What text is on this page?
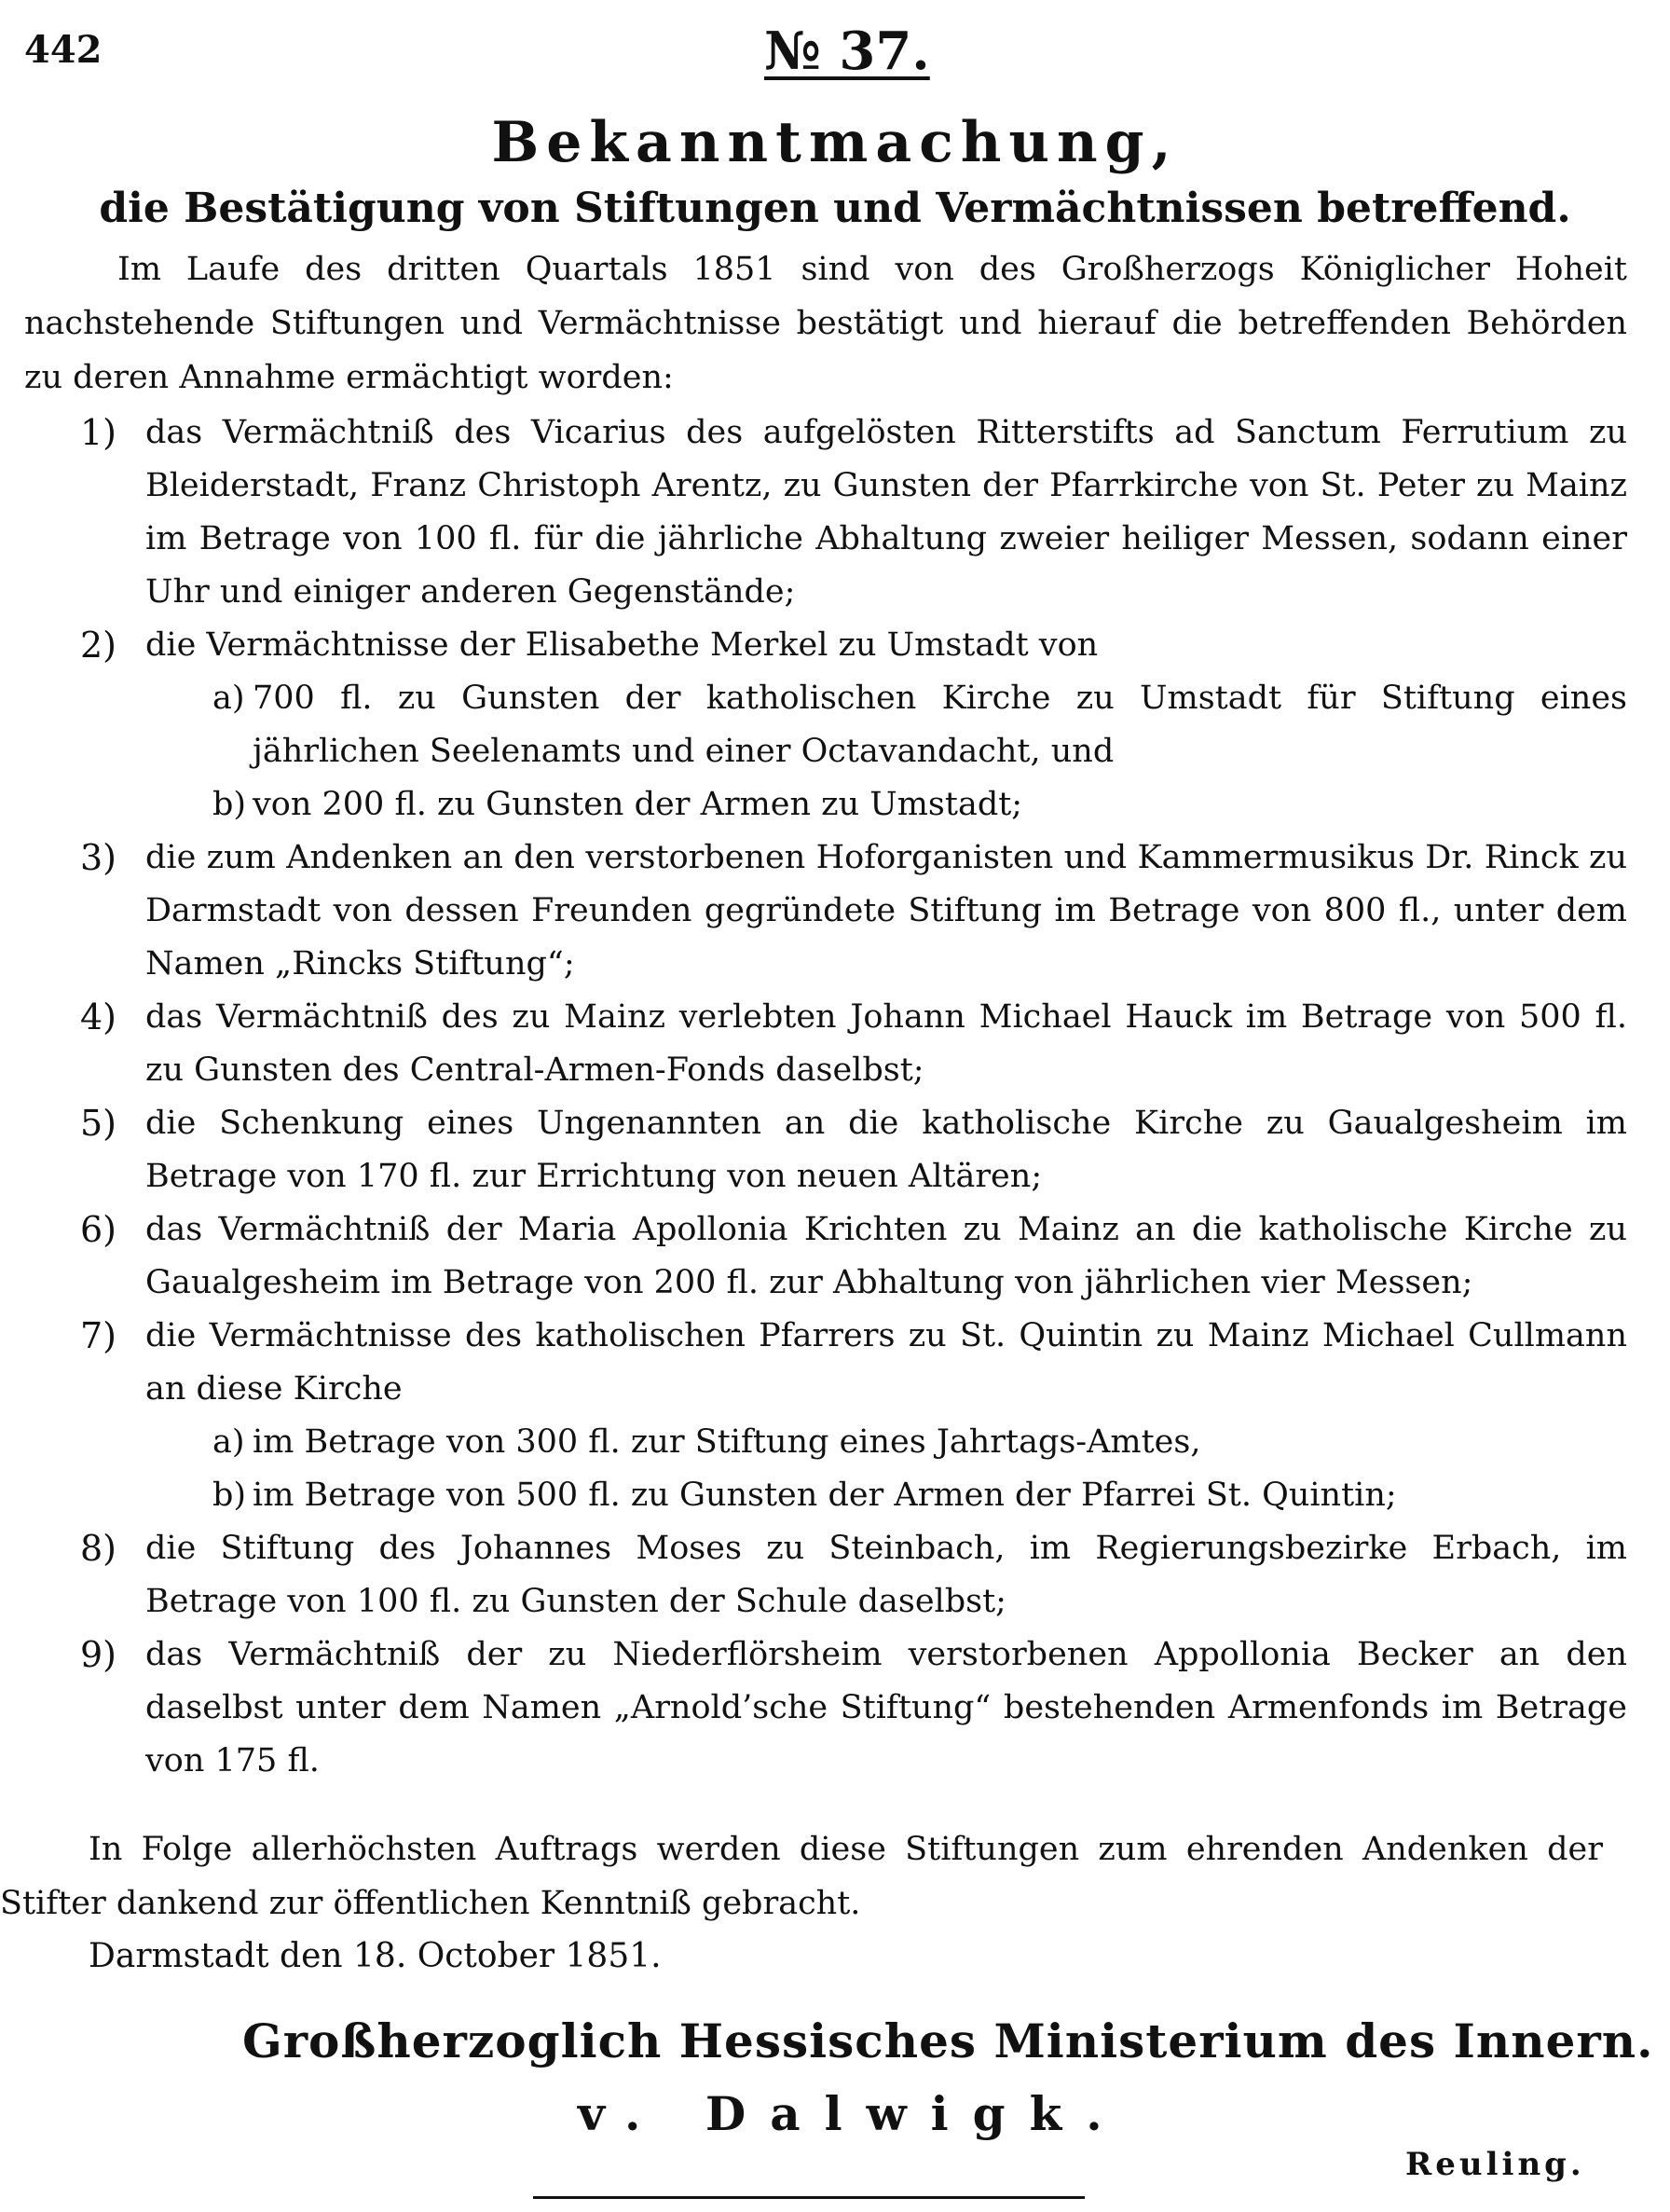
442	№ 37.
Bekanntmachung,
die Bestätigung von Stiftungen und Vermächtnissen betreffend.
Im Laufe des dritten Quartals 1851 sind von des Großherzogs Königlicher Hoheit nachstehende Stiftungen und Vermächtnisse bestätigt und hierauf die betreffenden Behörden zu deren Annahme ermächtigt worden:
1) das Vermächtniß des Vicarius des aufgelösten Ritterstifts ad Sanctum Ferrutium zu Bleiderstadt, Franz Christoph Arentz, zu Gunsten der Pfarrkirche von St. Peter zu Mainz im Betrage von 100 fl. für die jährliche Abhaltung zweier heiliger Messen, sodann einer Uhr und einiger anderen Gegenstände;
2) die Vermächtnisse der Elisabethe Merkel zu Umstadt von
a) 700 fl. zu Gunsten der katholischen Kirche zu Umstadt für Stiftung eines jährlichen Seelenamts und einer Octavandacht, und
b) von 200 fl. zu Gunsten der Armen zu Umstadt;
3) die zum Andenken an den verstorbenen Hoforganisten und Kammermusikus Dr. Rinck zu Darmstadt von dessen Freunden gegründete Stiftung im Betrage von 800 fl., unter dem Namen „Rincks Stiftung“;
4) das Vermächtniß des zu Mainz verlebten Johann Michael Hauck im Betrage von 500 fl. zu Gunsten des Central-Armen-Fonds daselbst;
5) die Schenkung eines Ungenannten an die katholische Kirche zu Gaualgesheim im Betrage von 170 fl. zur Errichtung von neuen Altären;
6) das Vermächtniß der Maria Apollonia Krichten zu Mainz an die katholische Kirche zu Gaualgesheim im Betrage von 200 fl. zur Abhaltung von jährlichen vier Messen;
7) die Vermächtnisse des katholischen Pfarrers zu St. Quintin zu Mainz Michael Cullmann an diese Kirche
a) im Betrage von 300 fl. zur Stiftung eines Jahrtags-Amtes,
b) im Betrage von 500 fl. zu Gunsten der Armen der Pfarrei St. Quintin;
8) die Stiftung des Johannes Moses zu Steinbach, im Regierungsbezirke Erbach, im Betrage von 100 fl. zu Gunsten der Schule daselbst;
9) das Vermächtniß der zu Niederflörsheim verstorbenen Appollonia Becker an den daselbst unter dem Namen „Arnold’sche Stiftung“ bestehenden Armenfonds im Betrage von 175 fl.
In Folge allerhöchsten Auftrags werden diese Stiftungen zum ehrenden Andenken der Stifter dankend zur öffentlichen Kenntniß gebracht.
Darmstadt den 18. October 1851.
Großherzoglich Hessisches Ministerium des Innern.
v. Dalwigk.
Reuling.
